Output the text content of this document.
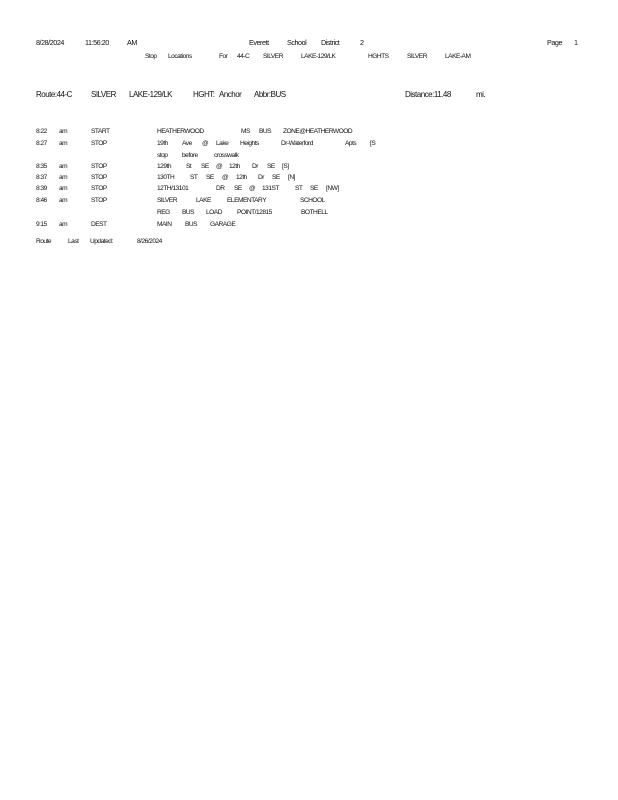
8/28/2024	11:56:20	AM	Everett	School District	2	Page 1
Stop Locations	For 44-C SILVER	LAKE-129/LK	HGHTS	SILVER	LAKE-AM
Route:44-C SILVER LAKE-129/LK	HGHT: Anchor Abbr:BUS	Distance:11.48	mi.
8:22 am	START	HEATHERWOOD	MS BUS ZONE@HEATHERWOOD
8:27 am	STOP	19th Ave @ Lake Heights	Dr-Waterford	Apts [S
stop before crosswalk
8:35 am	STOP	129th St SE @ 12th Dr SE [S]
8:37 am	STOP	130TH ST SE @ 12th Dr SE [N]
8:39 am	STOP	12TH/13101	DR SE @ 131ST ST SE [NW]
8:46 am	STOP	SILVER	LAKE ELEMENTARY	SCHOOL
REG BUS LOAD POINT/12815	BOTHELL
9:15 am	DEST	MAIN BUS GARAGE
Route	Last Updated:	8/26/2024
